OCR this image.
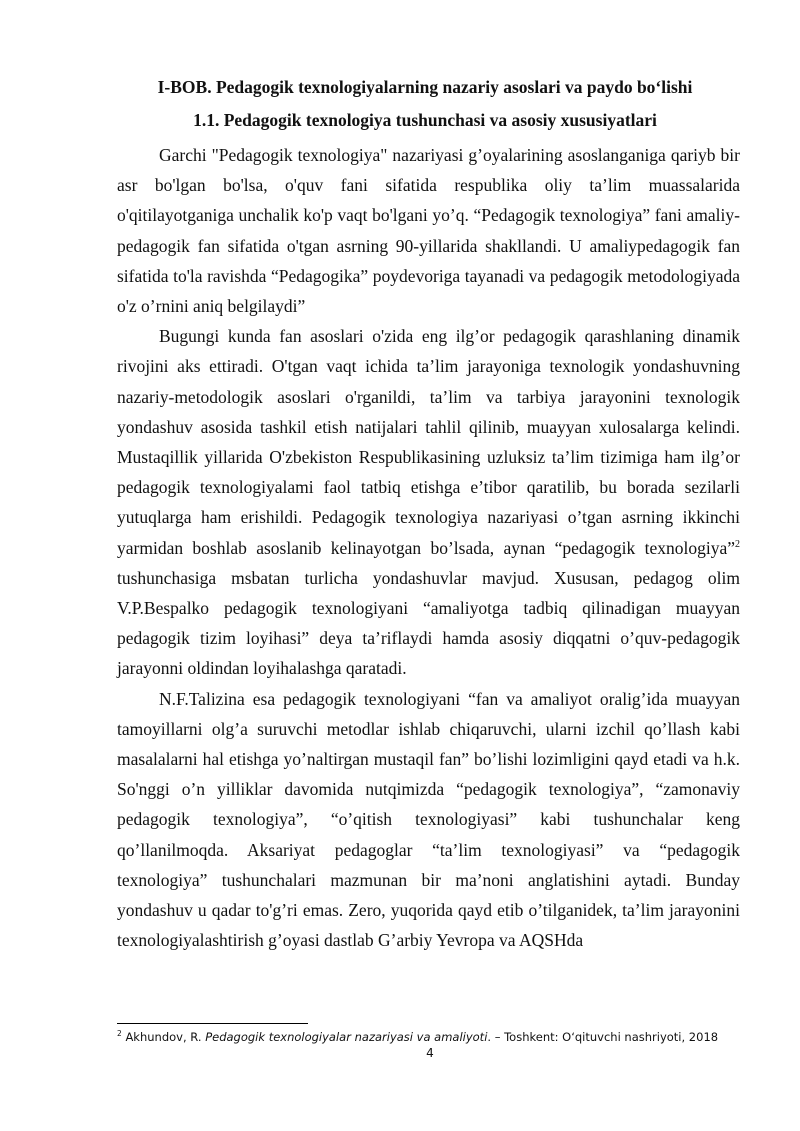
I-BOB. Pedagogik texnologiyalarning nazariy asoslari va paydo boʻlishi
1.1. Pedagogik texnologiya tushunchasi va asosiy xususiyatlari

Garchi "Pedagogik texnologiya" nazariyasi g’oyalarining asoslanganiga qariyb bir asr bo'lgan bo'lsa, o'quv fani sifatida respublika oliy ta’lim muassalarida o'qitilayotganiga unchalik ko'p vaqt bo'lgani yo’q. “Pedagogik texnologiya” fani amaliy-pedagogik fan sifatida o'tgan asrning 90-yillarida shakllandi. U amaliypedagogik fan sifatida to'la ravishda “Pedagogika” poydevoriga tayanadi va pedagogik metodologiyada o'z o’rnini aniq belgilaydi”

Bugungi kunda fan asoslari o'zida eng ilg’or pedagogik qarashlaning dinamik rivojini aks ettiradi. O'tgan vaqt ichida ta’lim jarayoniga texnologik yondashuvning nazariy-metodologik asoslari o'rganildi, ta’lim va tarbiya jarayonini texnologik yondashuv asosida tashkil etish natijalari tahlil qilinib, muayyan xulosalarga kelindi. Mustaqillik yillarida O'zbekiston Respublikasining uzluksiz ta’lim tizimiga ham ilg’or pedagogik texnologiyalami faol tatbiq etishga e’tibor qaratilib, bu borada sezilarli yutuqlarga ham erishildi. Pedagogik texnologiya nazariyasi o’tgan asrning ikkinchi yarmidan boshlab asoslanib kelinayotgan bo’lsada, aynan “pedagogik texnologiya”$^2$ tushunchasiga msbatan turlicha yondashuvlar mavjud. Xususan, pedagog olim V.P.Bespalko pedagogik texnologiyani “amaliyotga tadbiq qilinadigan muayyan pedagogik tizim loyihasi” deya ta’riflaydi hamda asosiy diqqatni o’quv-pedagogik jarayonni oldindan loyihalashga qaratadi.

N.F.Talizina esa pedagogik texnologiyani “fan va amaliyot oralig’ida muayyan tamoyillarni olg’a suruvchi metodlar ishlab chiqaruvchi, ularni izchil qo’llash kabi masalalarni hal etishga yo’naltirgan mustaqil fan” bo’lishi lozimligini qayd etadi va h.k. So'nggi o’n yilliklar davomida nutqimizda “pedagogik texnologiya”, “zamonaviy pedagogik texnologiya”, “o’qitish texnologiyasi” kabi tushunchalar keng qo’llanilmoqda. Aksariyat pedagoglar “ta’lim texnologiyasi” va “pedagogik texnologiya” tushunchalari mazmunan bir ma’noni anglatishini aytadi. Bunday yondashuv u qadar to'g’ri emas. Zero, yuqorida qayd etib o’tilganidek, ta’lim jarayonini texnologiyalashtirish g’oyasi dastlab G’arbiy Yevropa va AQSHda

$^2$ Akhundov, R. Pedagogik texnologiyalar nazariyasi va amaliyoti. – Toshkent: O‘qituvchi nashriyoti, 2018
4
